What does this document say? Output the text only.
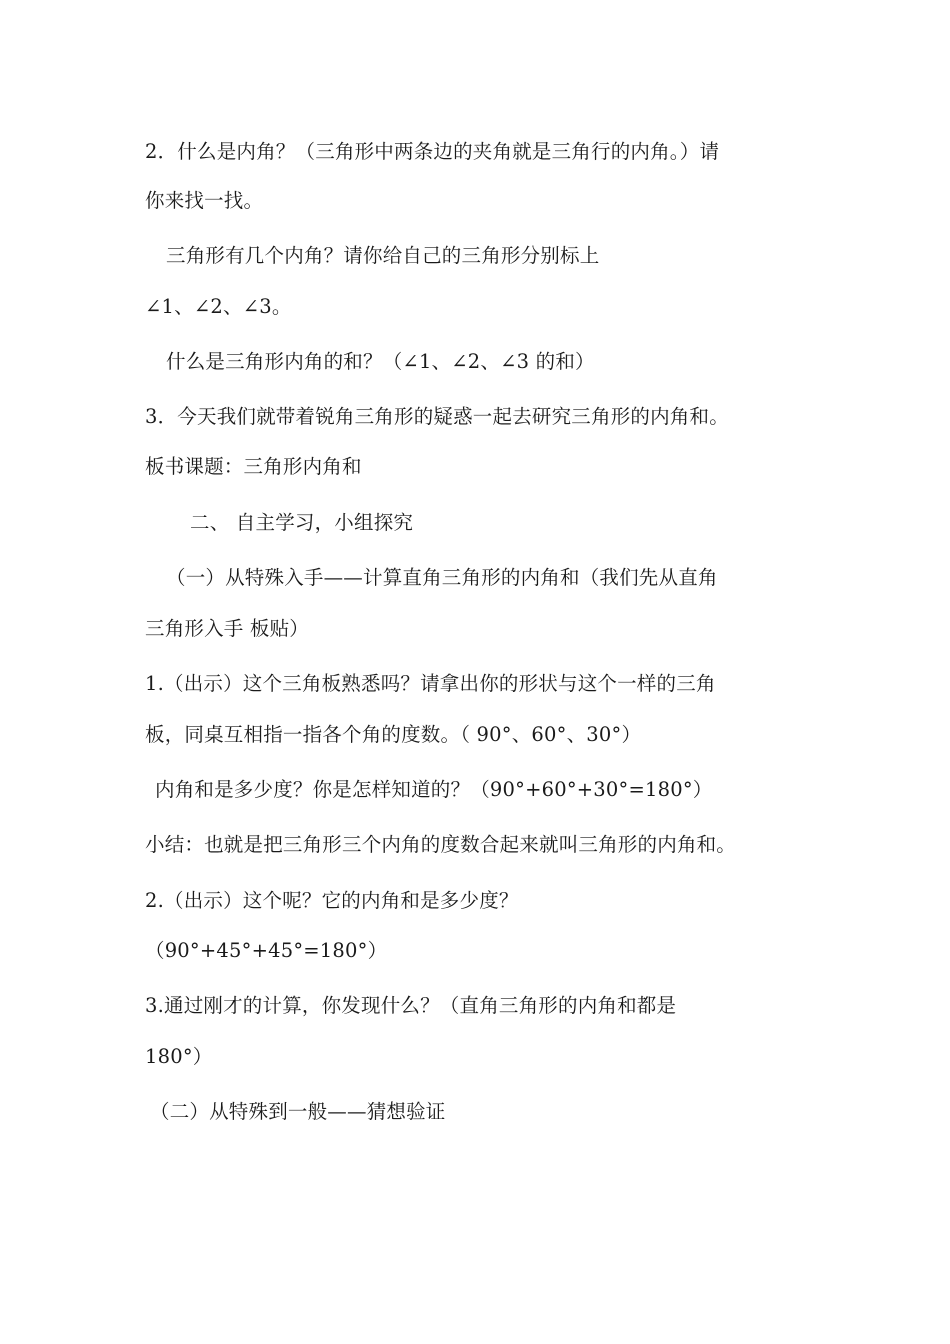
2．什么是内角？（三角形中两条边的夹角就是三角行的内角。）请
你来找一找。
三角形有几个内角？请你给自己的三角形分别标上
∠1、∠2、∠3。
什么是三角形内角的和？（∠1、∠2、∠3 的和）
3．今天我们就带着锐角三角形的疑惑一起去研究三角形的内角和。
板书课题：三角形内角和
二、 自主学习，小组探究
（一）从特殊入手——计算直角三角形的内角和（我们先从直角
三角形入手 板贴）
1.（出示）这个三角板熟悉吗？请拿出你的形状与这个一样的三角
板，同桌互相指一指各个角的度数。（ 90°、60°、30°）
内角和是多少度？你是怎样知道的？（90°+60°+30°=180°）
小结：也就是把三角形三个内角的度数合起来就叫三角形的内角和。
2.（出示）这个呢？它的内角和是多少度？
（90°+45°+45°=180°）
3.通过刚才的计算，你发现什么？（直角三角形的内角和都是
180°）
（二）从特殊到一般——猜想验证
